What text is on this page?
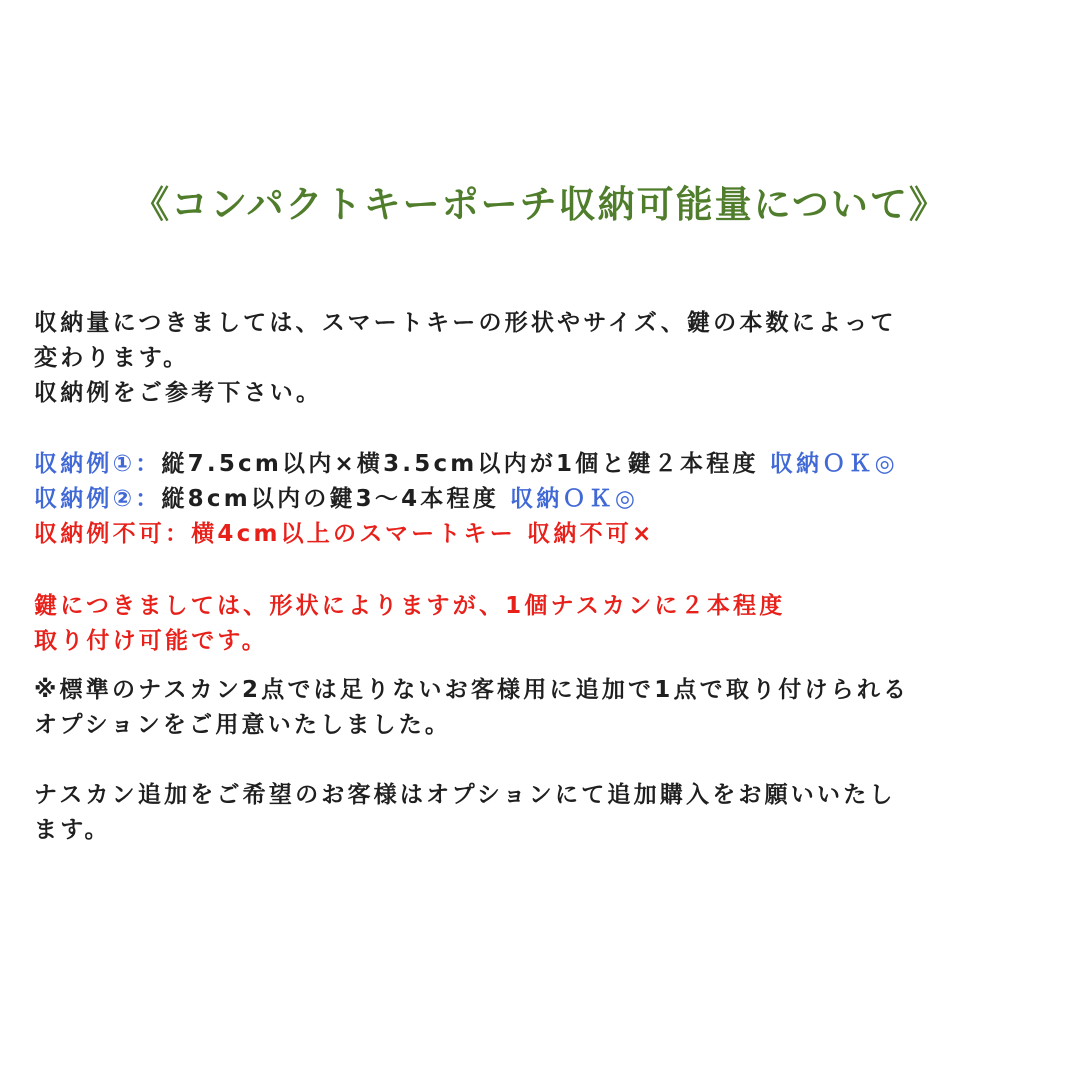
《コンパクトキーポーチ収納可能量について》
収納量につきましては、スマートキーの形状やサイズ、鍵の本数によって
変わります。
収納例をご参考下さい。
収納例①：縦7.5cm以内×横3.5cm以内が1個と鍵２本程度 収納ＯＫ◎
収納例②：縦8cm以内の鍵3〜4本程度 収納ＯＫ◎
収納例不可：横4cm以上のスマートキー 収納不可×
鍵につきましては、形状によりますが、1個ナスカンに２本程度
取り付け可能です。
※標準のナスカン2点では足りないお客様用に追加で1点で取り付けられる
オプションをご用意いたしました。
ナスカン追加をご希望のお客様はオプションにて追加購入をお願いいたし
ます。
